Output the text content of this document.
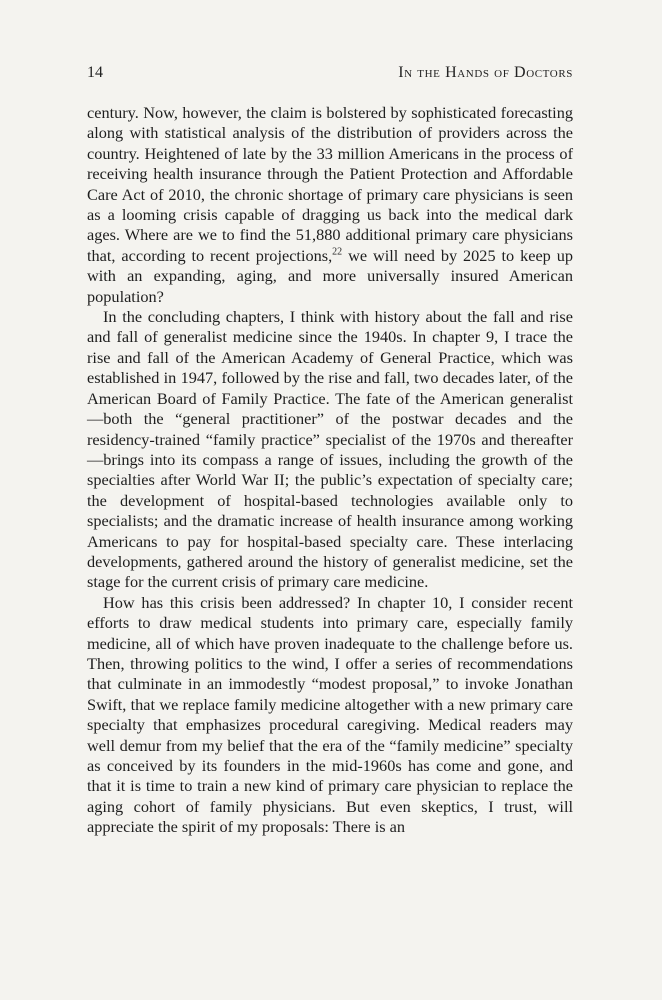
14	In the Hands of Doctors

century. Now, however, the claim is bolstered by sophisticated forecasting along with statistical analysis of the distribution of providers across the country. Heightened of late by the 33 million Americans in the process of receiving health insurance through the Patient Protection and Affordable Care Act of 2010, the chronic shortage of primary care physicians is seen as a looming crisis capable of dragging us back into the medical dark ages. Where are we to find the 51,880 additional primary care physicians that, according to recent projections,$^{22}$ we will need by 2025 to keep up with an expanding, aging, and more universally insured American population?

In the concluding chapters, I think with history about the fall and rise and fall of generalist medicine since the 1940s. In chapter 9, I trace the rise and fall of the American Academy of General Practice, which was established in 1947, followed by the rise and fall, two decades later, of the American Board of Family Practice. The fate of the American generalist—both the “general practitioner” of the postwar decades and the residency-trained “family practice” specialist of the 1970s and thereafter—brings into its compass a range of issues, including the growth of the specialties after World War II; the public’s expectation of specialty care; the development of hospital-based technologies available only to specialists; and the dramatic increase of health insurance among working Americans to pay for hospital-based specialty care. These interlacing developments, gathered around the history of generalist medicine, set the stage for the current crisis of primary care medicine.

How has this crisis been addressed? In chapter 10, I consider recent efforts to draw medical students into primary care, especially family medicine, all of which have proven inadequate to the challenge before us. Then, throwing politics to the wind, I offer a series of recommendations that culminate in an immodestly “modest proposal,” to invoke Jonathan Swift, that we replace family medicine altogether with a new primary care specialty that emphasizes procedural caregiving. Medical readers may well demur from my belief that the era of the “family medicine” specialty as conceived by its founders in the mid-1960s has come and gone, and that it is time to train a new kind of primary care physician to replace the aging cohort of family physicians. But even skeptics, I trust, will appreciate the spirit of my proposals: There is an
